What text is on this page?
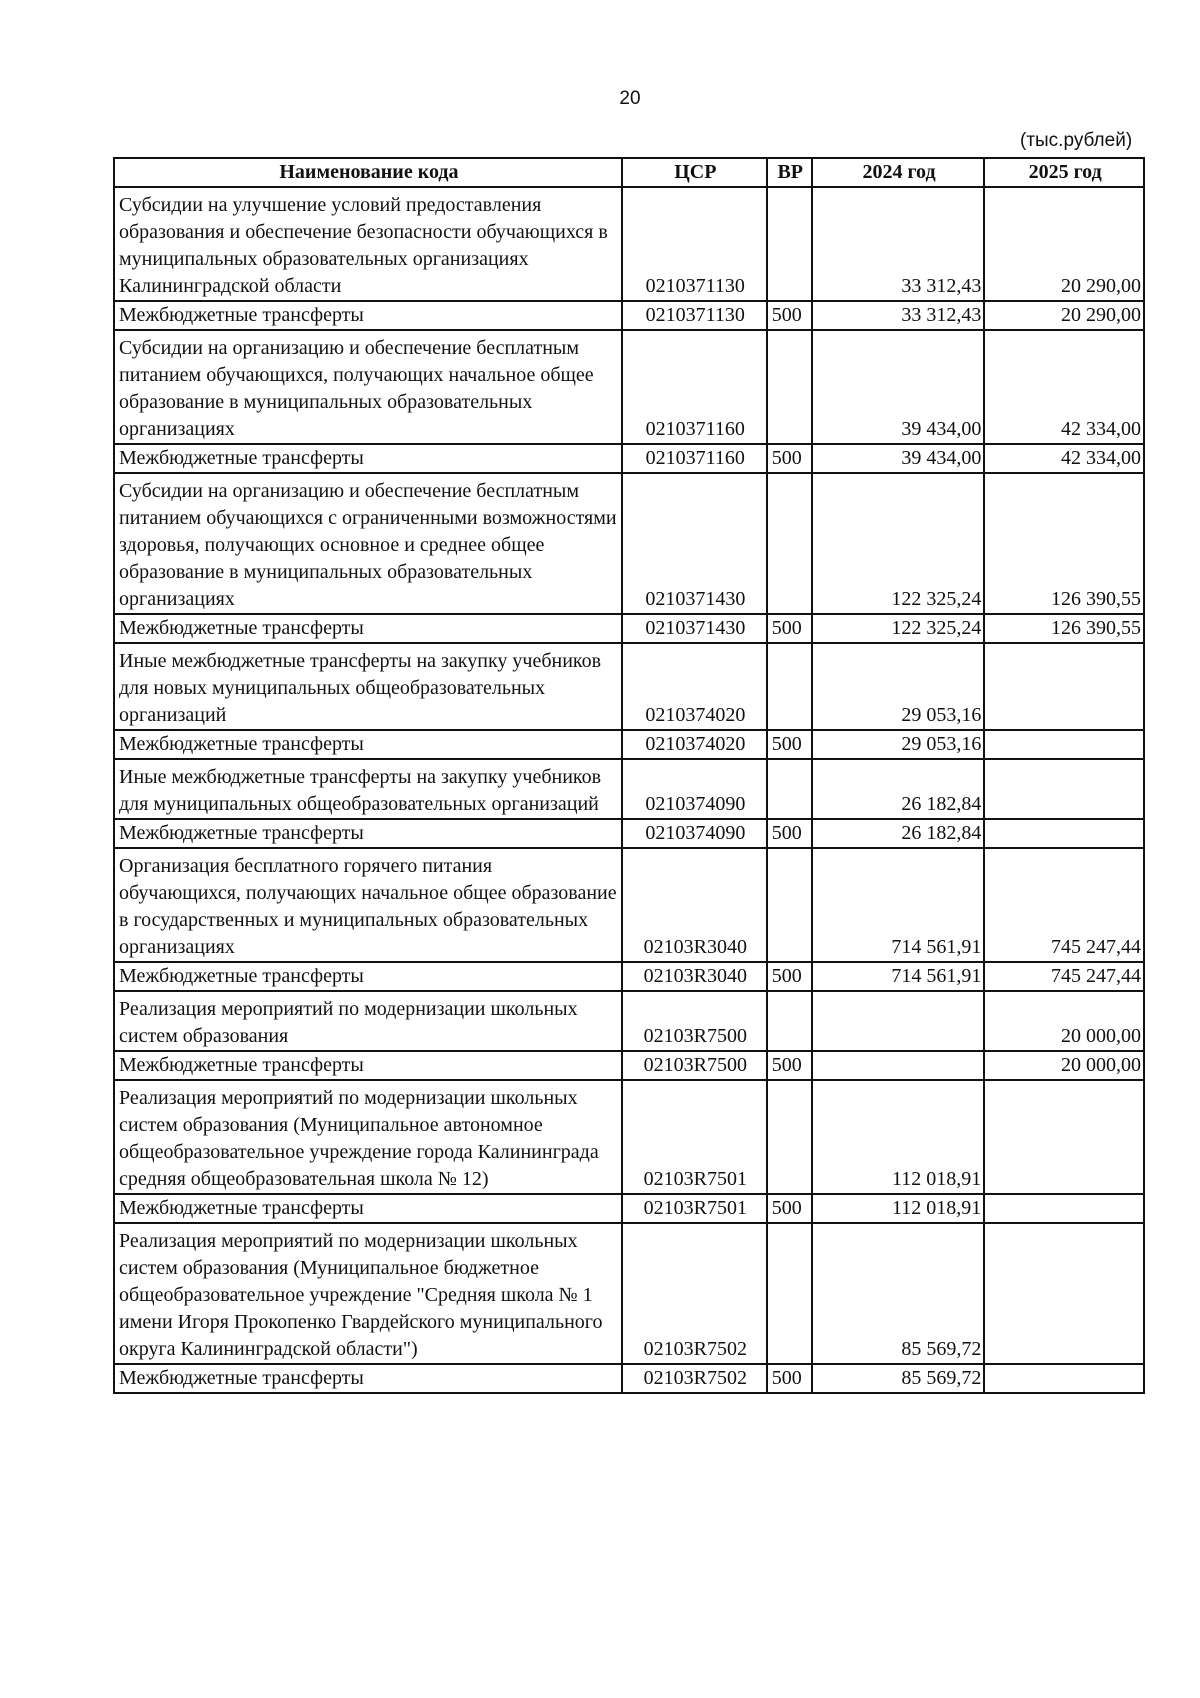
20
(тыс.рублей)
Наименование кода	ЦСР	ВР	2024 год	2025 год
Субсидии на улучшение условий предоставления образования и обеспечение безопасности обучающихся в муниципальных образовательных организациях Калининградской области	0210371130		33 312,43	20 290,00
Межбюджетные трансферты	0210371130	500	33 312,43	20 290,00
Субсидии на организацию и обеспечение бесплатным питанием обучающихся, получающих начальное общее образование в муниципальных образовательных организациях	0210371160		39 434,00	42 334,00
Межбюджетные трансферты	0210371160	500	39 434,00	42 334,00
Субсидии на организацию и обеспечение бесплатным питанием обучающихся с ограниченными возможностями здоровья, получающих основное и среднее общее образование в муниципальных образовательных организациях	0210371430		122 325,24	126 390,55
Межбюджетные трансферты	0210371430	500	122 325,24	126 390,55
Иные межбюджетные трансферты на закупку учебников для новых муниципальных общеобразовательных организаций	0210374020		29 053,16	
Межбюджетные трансферты	0210374020	500	29 053,16	
Иные межбюджетные трансферты на закупку учебников для муниципальных общеобразовательных организаций	0210374090		26 182,84	
Межбюджетные трансферты	0210374090	500	26 182,84	
Организация бесплатного горячего питания обучающихся, получающих начальное общее образование в государственных и муниципальных образовательных организациях	02103R3040		714 561,91	745 247,44
Межбюджетные трансферты	02103R3040	500	714 561,91	745 247,44
Реализация мероприятий по модернизации школьных систем образования	02103R7500			20 000,00
Межбюджетные трансферты	02103R7500	500		20 000,00
Реализация мероприятий по модернизации школьных систем образования (Муниципальное автономное общеобразовательное учреждение города Калининграда средняя общеобразовательная школа № 12)	02103R7501		112 018,91	
Межбюджетные трансферты	02103R7501	500	112 018,91	
Реализация мероприятий по модернизации школьных систем образования (Муниципальное бюджетное общеобразовательное учреждение "Средняя школа № 1 имени Игоря Прокопенко Гвардейского муниципального округа Калининградской области")	02103R7502		85 569,72	
Межбюджетные трансферты	02103R7502	500	85 569,72	
